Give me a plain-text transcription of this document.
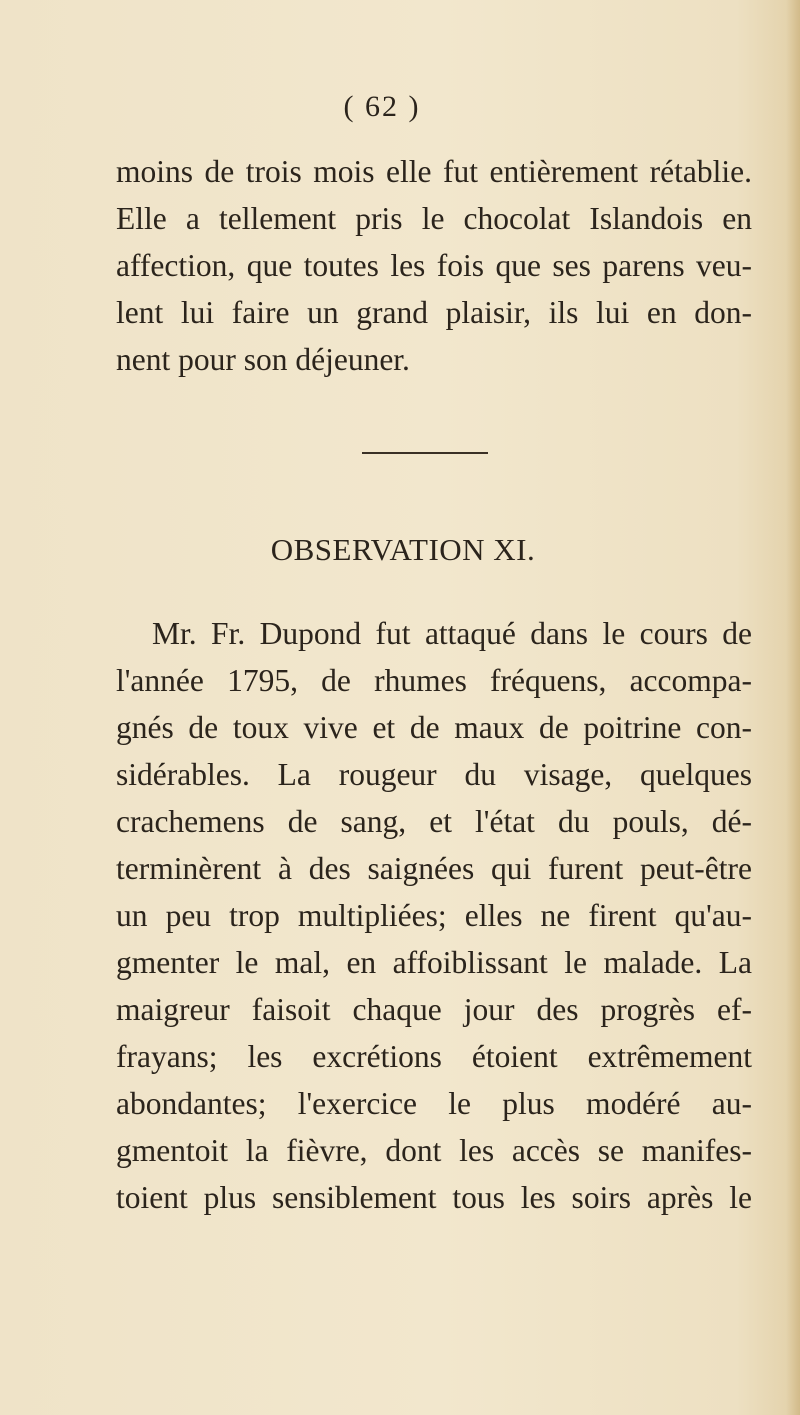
( 62 )
moins de trois mois elle fut entièrement rétablie.
Elle a tellement pris le chocolat Islandois en
affection, que toutes les fois que ses parens veu-
lent lui faire un grand plaisir, ils lui en don-
nent pour son déjeuner.
OBSERVATION XI.
Mr. Fr. Dupond fut attaqué dans le cours de
l'année 1795, de rhumes fréquens, accompa-
gnés de toux vive et de maux de poitrine con-
sidérables. La rougeur du visage, quelques
crachemens de sang, et l'état du pouls, dé-
terminèrent à des saignées qui furent peut-être
un peu trop multipliées; elles ne firent qu'au-
gmenter le mal, en affoiblissant le malade. La
maigreur faisoit chaque jour des progrès ef-
frayans; les excrétions étoient extrêmement
abondantes; l'exercice le plus modéré au-
gmentoit la fièvre, dont les accès se manifes-
toient plus sensiblement tous les soirs après le
